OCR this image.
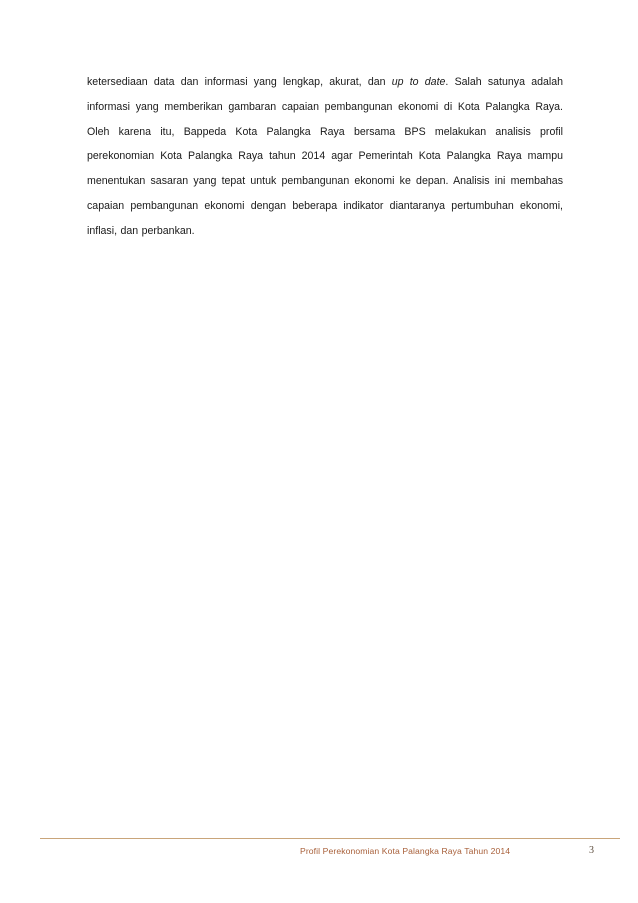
ketersediaan data dan informasi yang lengkap, akurat, dan up to date. Salah satunya adalah informasi yang memberikan gambaran capaian pembangunan ekonomi di Kota Palangka Raya. Oleh karena itu, Bappeda Kota Palangka Raya bersama BPS melakukan analisis profil perekonomian Kota Palangka Raya tahun 2014 agar Pemerintah Kota Palangka Raya mampu menentukan sasaran yang tepat untuk pembangunan ekonomi ke depan. Analisis ini membahas capaian pembangunan ekonomi dengan beberapa indikator diantaranya pertumbuhan ekonomi, inflasi, dan perbankan.

Profil Perekonomian Kota Palangka Raya Tahun 2014	3
